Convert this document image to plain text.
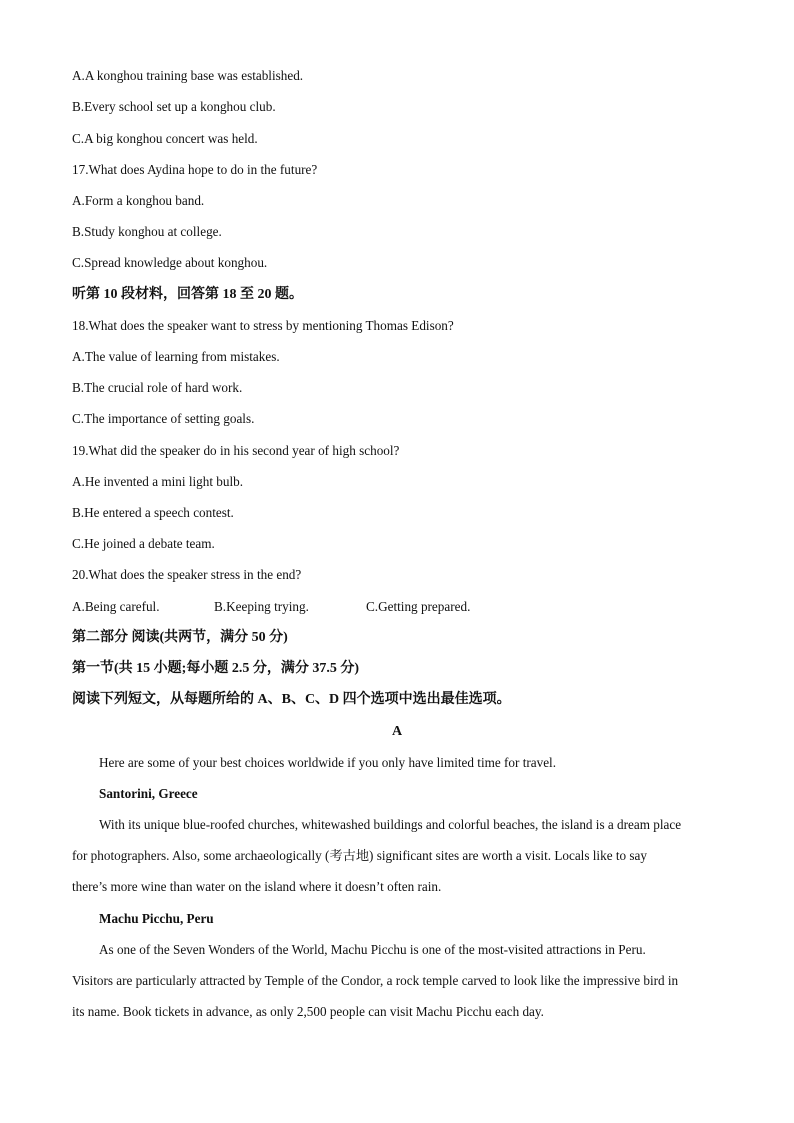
A.A konghou training base was established.
B.Every school set up a konghou club.
C.A big konghou concert was held.
17.What does Aydina hope to do in the future?
A.Form a konghou band.
B.Study konghou at college.
C.Spread knowledge about konghou.
听第 10 段材料，回答第 18 至 20 题。
18.What does the speaker want to stress by mentioning Thomas Edison?
A.The value of learning from mistakes.
B.The crucial role of hard work.
C.The importance of setting goals.
19.What did the speaker do in his second year of high school?
A.He invented a mini light bulb.
B.He entered a speech contest.
C.He joined a debate team.
20.What does the speaker stress in the end?
A.Being careful.	B.Keeping trying.	C.Getting prepared.
第二部分 阅读(共两节，满分 50 分)
第一节(共 15 小题;每小题 2.5 分，满分 37.5 分)
阅读下列短文，从每题所给的 A、B、C、D 四个选项中选出最佳选项。
A
Here are some of your best choices worldwide if you only have limited time for travel.
Santorini, Greece
With its unique blue-roofed churches, whitewashed buildings and colorful beaches, the island is a dream place
for photographers. Also, some archaeologically (考古地) significant sites are worth a visit. Locals like to say
there’s more wine than water on the island where it doesn’t often rain.
Machu Picchu, Peru
As one of the Seven Wonders of the World, Machu Picchu is one of the most-visited attractions in Peru.
Visitors are particularly attracted by Temple of the Condor, a rock temple carved to look like the impressive bird in
its name. Book tickets in advance, as only 2,500 people can visit Machu Picchu each day.
